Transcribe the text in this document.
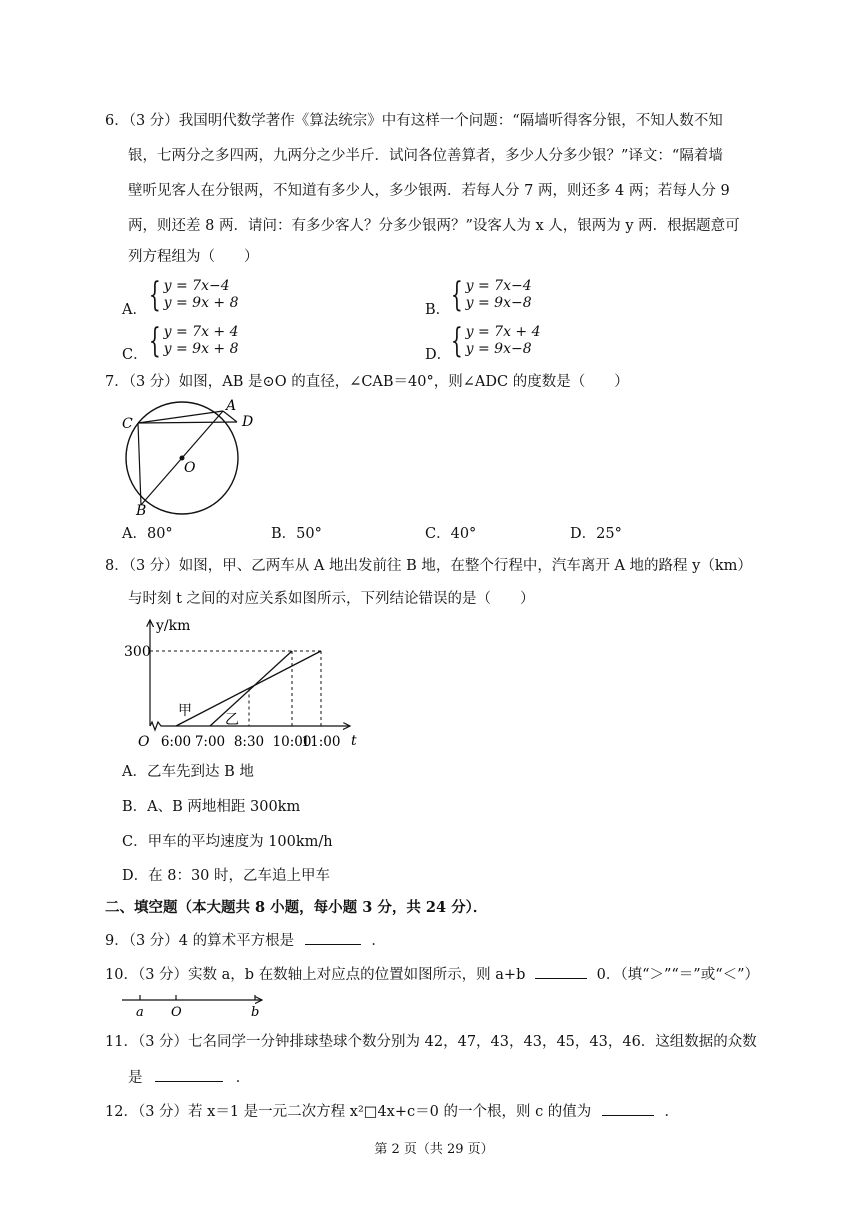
6．（3 分）我国明代数学著作《算法统宗》中有这样一个问题：“隔墙听得客分银，不知人数不知
银，七两分之多四两，九两分之少半斤．试问各位善算者，多少人分多少银？”译文：“隔着墙
壁听见客人在分银两，不知道有多少人，多少银两．若每人分 7 两，则还多 4 两；若每人分 9
两，则还差 8 两．请问：有多少客人？分多少银两？”设客人为 x 人，银两为 y 两．根据题意可
列方程组为（　　）
A． { y = 7x−4
y = 9x + 8	B． { y = 7x−4
y = 9x−8
C． { y = 7x + 4
y = 9x + 8	D． { y = 7x + 4
y = 9x−8
7．（3 分）如图，AB 是⊙O 的直径，∠CAB＝40°，则∠ADC 的度数是（　　）
A
C	D
B
O
A．80°	B．50°	C．40°	D．25°
8．（3 分）如图，甲、乙两车从 A 地出发前往 B 地，在整个行程中，汽车离开 A 地的路程 y（km）
与时刻 t 之间的对应关系如图所示，下列结论错误的是（　　）
y/km
t
O
300
6:00 7:00 8:30 10:00
11:00
甲
乙
A．乙车先到达 B 地
B．A、B 两地相距 300km
C．甲车的平均速度为 100km/h
D．在 8：30 时，乙车追上甲车
二、填空题（本大题共 8 小题，每小题 3 分，共 24 分）．
9．（3 分）4 的算术平方根是	．
10．（3 分）实数 a，b 在数轴上对应点的位置如图所示，则 a+b	0．（填“＞”“＝”或“＜”）
a O	b
11．（3 分）七名同学一分钟排球垫球个数分别为 42，47，43，43，45，43，46．这组数据的众数
是	．
12．（3 分）若 x＝1 是一元二次方程 x²□4x+c＝0 的一个根，则 c 的值为	．
第 2 页（共 29 页）
